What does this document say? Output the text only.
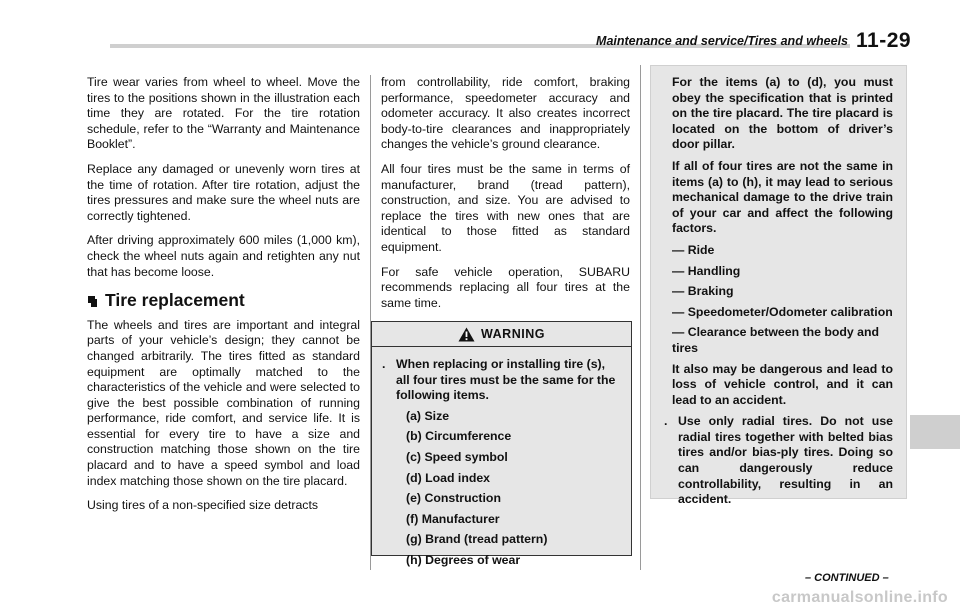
Maintenance and service/Tires and wheels 11-29

Tire wear varies from wheel to wheel. Move the tires to the positions shown in the illustration each time they are rotated. For the tire rotation schedule, refer to the “Warranty and Maintenance Booklet”.

Replace any damaged or unevenly worn tires at the time of rotation. After tire rotation, adjust the tires pressures and make sure the wheel nuts are correctly tightened.

After driving approximately 600 miles (1,000 km), check the wheel nuts again and retighten any nut that has become loose.

Tire replacement

The wheels and tires are important and integral parts of your vehicle’s design; they cannot be changed arbitrarily. The tires fitted as standard equipment are optimally matched to the characteristics of the vehicle and were selected to give the best possible combination of running performance, ride comfort, and service life. It is essential for every tire to have a size and construction matching those shown on the tire placard and to have a speed symbol and load index matching those shown on the tire placard.

Using tires of a non-specified size detracts

from controllability, ride comfort, braking performance, speedometer accuracy and odometer accuracy. It also creates incorrect body-to-tire clearances and inappropriately changes the vehicle’s ground clearance.

All four tires must be the same in terms of manufacturer, brand (tread pattern), construction, and size. You are advised to replace the tires with new ones that are identical to those fitted as standard equipment.

For safe vehicle operation, SUBARU recommends replacing all four tires at the same time.

WARNING
. When replacing or installing tire (s), all four tires must be the same for the following items.
(a) Size
(b) Circumference
(c) Speed symbol
(d) Load index
(e) Construction
(f) Manufacturer
(g) Brand (tread pattern)
(h) Degrees of wear

For the items (a) to (d), you must obey the specification that is printed on the tire placard. The tire placard is located on the bottom of driver’s door pillar.

If all of four tires are not the same in items (a) to (h), it may lead to serious mechanical damage to the drive train of your car and affect the following factors.

— Ride
— Handling
— Braking
— Speedometer/Odometer calibration
— Clearance between the body and tires

It also may be dangerous and lead to loss of vehicle control, and it can lead to an accident.

. Use only radial tires. Do not use radial tires together with belted bias tires and/or bias-ply tires. Doing so can dangerously reduce controllability, resulting in an accident.
– CONTINUED –
carmanualsonline.info
